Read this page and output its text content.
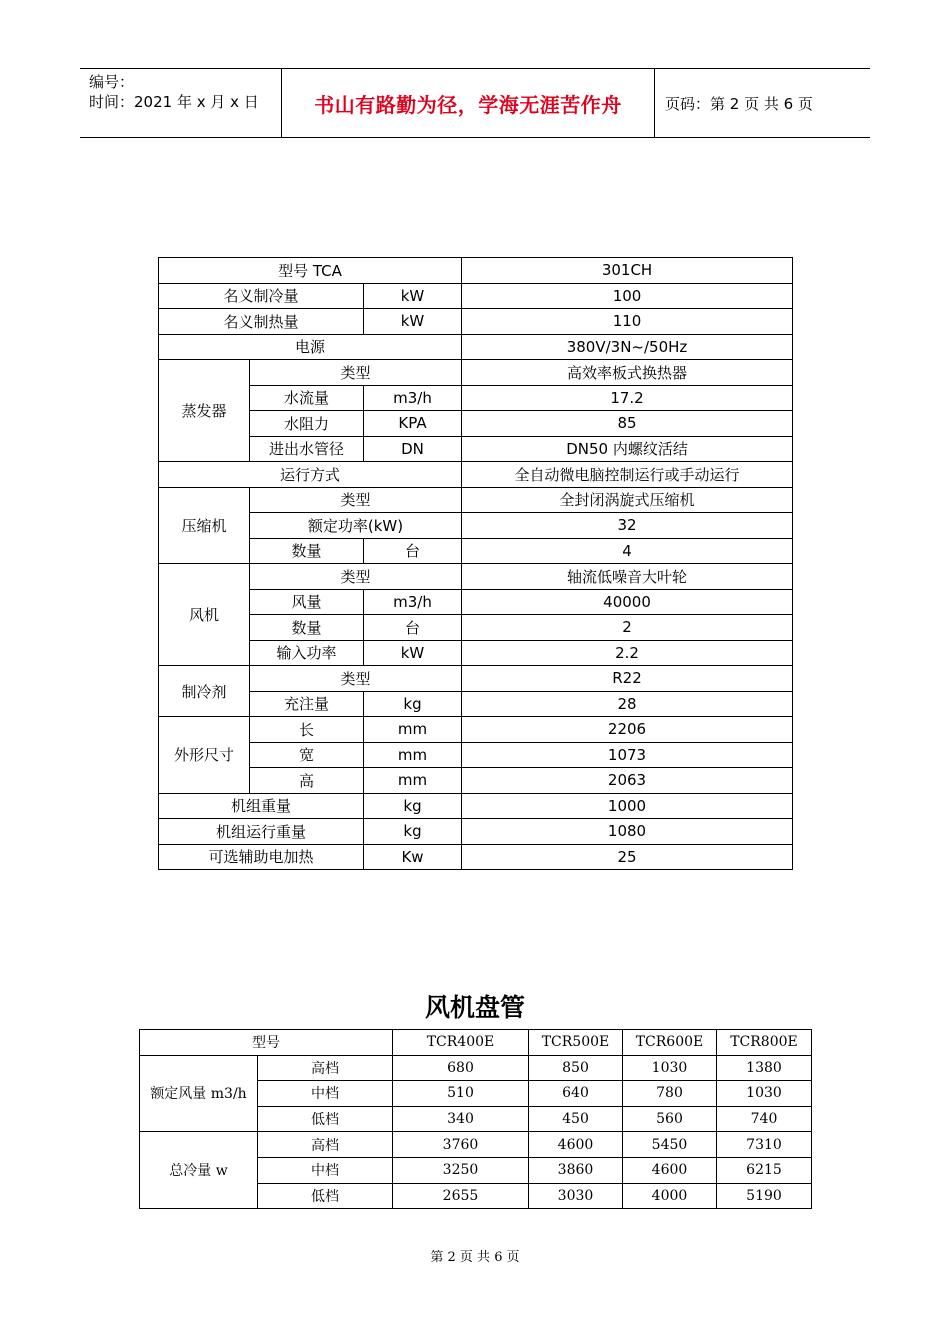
编号：
时间：2021 年 x 月 x 日	书山有路勤为径，学海无涯苦作舟	页码：第 2 页 共 6 页
型号 TCA			301CH
名义制冷量		kW	100
名义制热量		kW	110
电源			380V/3N~/50Hz
蒸发器	类型		高效率板式换热器
	水流量	m3/h	17.2
	水阻力	KPA	85
	进出水管径	DN	DN50 内螺纹活结
运行方式			全自动微电脑控制运行或手动运行
压缩机	类型		全封闭涡旋式压缩机
	额定功率(kW)		32
	数量	台	4
风机	类型		轴流低噪音大叶轮
	风量	m3/h	40000
	数量	台	2
	输入功率	kW	2.2
制冷剂	类型		R22
	充注量	kg	28
外形尺寸	长	mm	2206
	宽	mm	1073
	高	mm	2063
机组重量		kg	1000
机组运行重量		kg	1080
可选辅助电加热		Kw	25
风机盘管
型号		TCR400E	TCR500E	TCR600E	TCR800E
额定风量 m3/h	高档	680	850	1030	1380
	中档	510	640	780	1030
	低档	340	450	560	740
总冷量 w	高档	3760	4600	5450	7310
	中档	3250	3860	4600	6215
	低档	2655	3030	4000	5190
第 2 页 共 6 页
